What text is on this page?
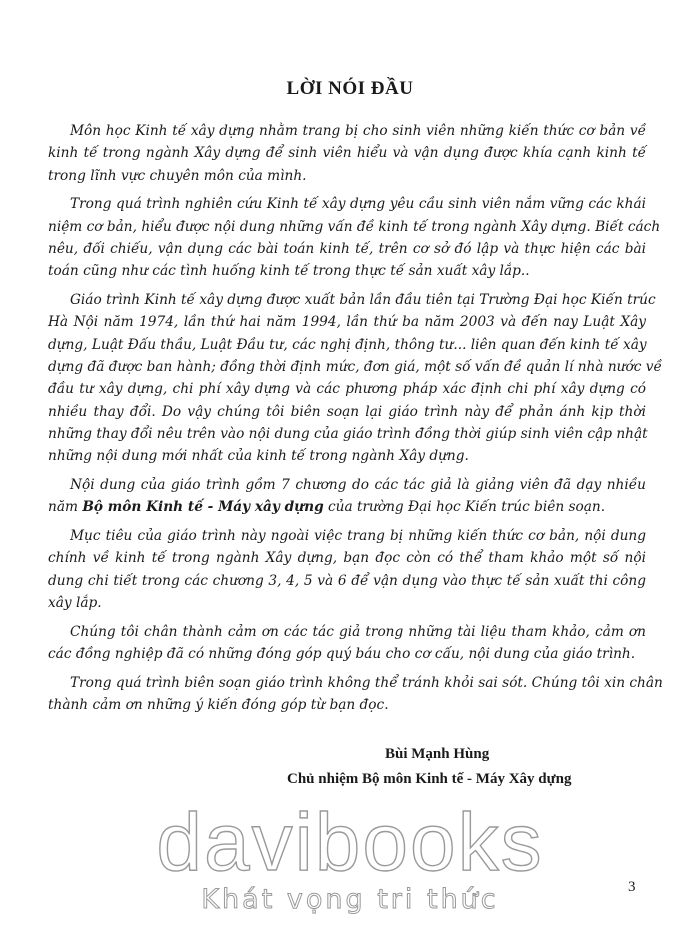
LỜI NÓI ĐẦU

Môn học Kinh tế xây dựng nhằm trang bị cho sinh viên những kiến thức cơ bản về
kinh tế trong ngành Xây dựng để sinh viên hiểu và vận dụng được khía cạnh kinh tế
trong lĩnh vực chuyên môn của mình.

Trong quá trình nghiên cứu Kinh tế xây dựng yêu cầu sinh viên nắm vững các khái
niệm cơ bản, hiểu được nội dung những vấn đề kinh tế trong ngành Xây dựng. Biết cách
nêu, đối chiếu, vận dụng các bài toán kinh tế, trên cơ sở đó lập và thực hiện các bài
toán cũng như các tình huống kinh tế trong thực tế sản xuất xây lắp..

Giáo trình Kinh tế xây dựng được xuất bản lần đầu tiên tại Trường Đại học Kiến trúc
Hà Nội năm 1974, lần thứ hai năm 1994, lần thứ ba năm 2003 và đến nay Luật Xây
dựng, Luật Đấu thầu, Luật Đầu tư, các nghị định, thông tư... liên quan đến kinh tế xây
dựng đã được ban hành; đồng thời định mức, đơn giá, một số vấn đề quản lí nhà nước về
đầu tư xây dựng, chi phí xây dựng và các phương pháp xác định chi phí xây dựng có
nhiều thay đổi. Do vậy chúng tôi biên soạn lại giáo trình này để phản ánh kịp thời
những thay đổi nêu trên vào nội dung của giáo trình đồng thời giúp sinh viên cập nhật
những nội dung mới nhất của kinh tế trong ngành Xây dựng.

Nội dung của giáo trình gồm 7 chương do các tác giả là giảng viên đã dạy nhiều
năm Bộ môn Kinh tế - Máy xây dựng của trường Đại học Kiến trúc biên soạn.

Mục tiêu của giáo trình này ngoài việc trang bị những kiến thức cơ bản, nội dung
chính về kinh tế trong ngành Xây dựng, bạn đọc còn có thể tham khảo một số nội
dung chi tiết trong các chương 3, 4, 5 và 6 để vận dụng vào thực tế sản xuất thi công
xây lắp.

Chúng tôi chân thành cảm ơn các tác giả trong những tài liệu tham khảo, cảm ơn
các đồng nghiệp đã có những đóng góp quý báu cho cơ cấu, nội dung của giáo trình.

Trong quá trình biên soạn giáo trình không thể tránh khỏi sai sót. Chúng tôi xin chân
thành cảm ơn những ý kiến đóng góp từ bạn đọc.

Bùi Mạnh Hùng
Chủ nhiệm Bộ môn Kinh tế - Máy Xây dựng
davibooks
Khát vọng tri thức	3
